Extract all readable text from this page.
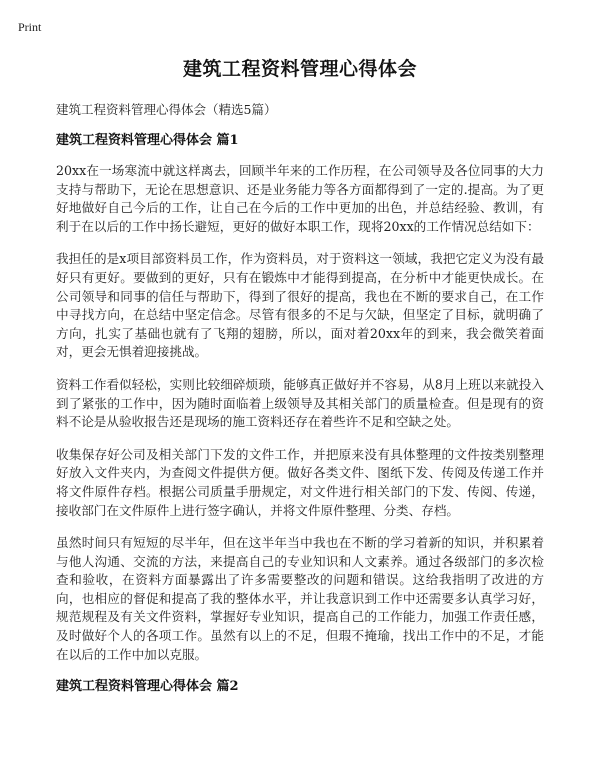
Print
建筑工程资料管理心得体会

建筑工程资料管理心得体会（精选5篇）

建筑工程资料管理心得体会 篇1

20xx在一场寒流中就这样离去，回顾半年来的工作历程，在公司领导及各位同事的大力支持与帮助下，无论在思想意识、还是业务能力等各方面都得到了一定的.提高。为了更好地做好自己今后的工作，让自己在今后的工作中更加的出色，并总结经验、教训，有利于在以后的工作中扬长避短，更好的做好本职工作，现将20xx的工作情况总结如下：

我担任的是x项目部资料员工作，作为资料员，对于资料这一领域，我把它定义为没有最好只有更好。要做到的更好，只有在锻炼中才能得到提高，在分析中才能更快成长。在公司领导和同事的信任与帮助下，得到了很好的提高，我也在不断的要求自己，在工作中寻找方向，在总结中坚定信念。尽管有很多的不足与欠缺，但坚定了目标，就明确了方向，扎实了基础也就有了飞翔的翅膀，所以，面对着20xx年的到来，我会微笑着面对，更会无惧着迎接挑战。

资料工作看似轻松，实则比较细碎烦琐，能够真正做好并不容易，从8月上班以来就投入到了紧张的工作中，因为随时面临着上级领导及其相关部门的质量检查。但是现有的资料不论是从验收报告还是现场的施工资料还存在着些许不足和空缺之处。

收集保存好公司及相关部门下发的文件工作，并把原来没有具体整理的文件按类别整理好放入文件夹内，为查阅文件提供方便。做好各类文件、图纸下发、传阅及传递工作并将文件原件存档。根据公司质量手册规定，对文件进行相关部门的下发、传阅、传递，接收部门在文件原件上进行签字确认，并将文件原件整理、分类、存档。

虽然时间只有短短的尽半年，但在这半年当中我也在不断的学习着新的知识，并积累着与他人沟通、交流的方法，来提高自己的专业知识和人文素养。通过各级部门的多次检查和验收，在资料方面暴露出了许多需要整改的问题和错误。这给我指明了改进的方向，也相应的督促和提高了我的整体水平，并让我意识到工作中还需要多认真学习好，规范规程及有关文件资料，掌握好专业知识，提高自己的工作能力，加强工作责任感，及时做好个人的各项工作。虽然有以上的不足，但瑕不掩瑜，找出工作中的不足，才能在以后的工作中加以克服。

建筑工程资料管理心得体会 篇2
